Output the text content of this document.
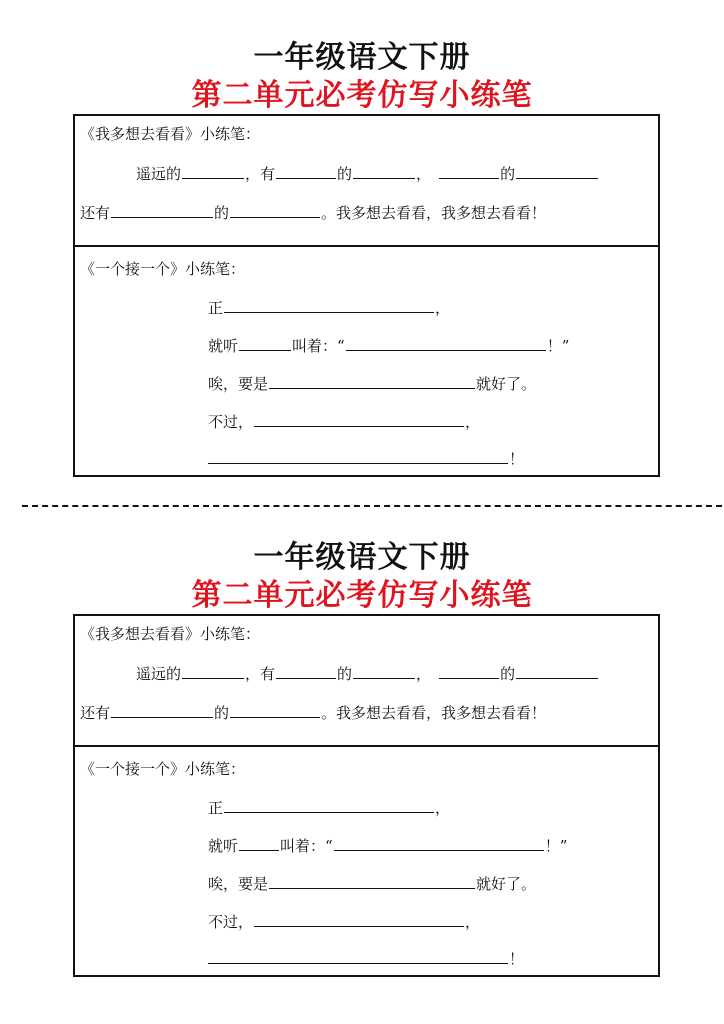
一年级语文下册
第二单元必考仿写小练笔
《我多想去看看》小练笔：
遥远的	，有	的	，	的
还有	的	。我多想去看看，我多想去看看！
《一个接一个》小练笔：
正	，
就听	叫着：“	！”
唉，要是	就好了。
不过，	，
！
一年级语文下册
第二单元必考仿写小练笔
《我多想去看看》小练笔：
遥远的	，有	的	，	的
还有	的	。我多想去看看，我多想去看看！
《一个接一个》小练笔：
正	，
就听	叫着：“	！”
唉，要是	就好了。
不过，	，
！
